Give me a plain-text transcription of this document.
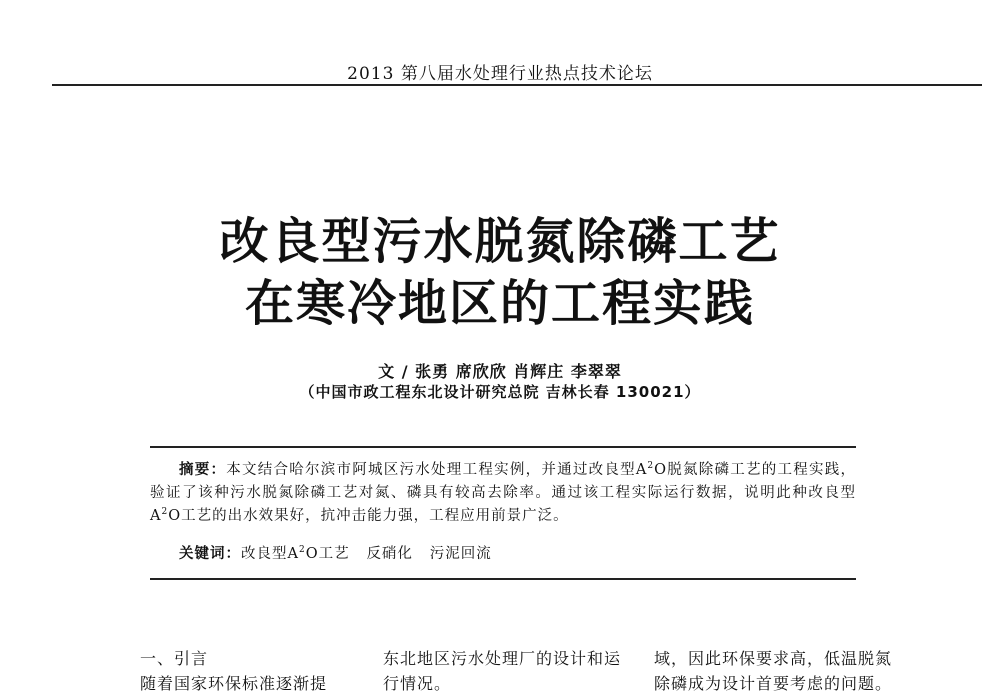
2013 第八届水处理行业热点技术论坛
改良型污水脱氮除磷工艺
在寒冷地区的工程实践
文 / 张勇 席欣欣 肖辉庄 李翠翠
（中国市政工程东北设计研究总院 吉林长春 130021）
摘要：本文结合哈尔滨市阿城区污水处理工程实例，并通过改良型$A^2O$脱氮除磷工艺的工程实践，验证了该种污水脱氮除磷工艺对氮、磷具有较高去除率。通过该工程实际运行数据，说明此种改良型$A^2O$工艺的出水效果好，抗冲击能力强，工程应用前景广泛。
关键词：改良型$A^2O$工艺 反硝化 污泥回流
一、引言
随着国家环保标准逐渐提
东北地区污水处理厂的设计和运
行情况。
域，因此环保要求高，低温脱氮
除磷成为设计首要考虑的问题。
